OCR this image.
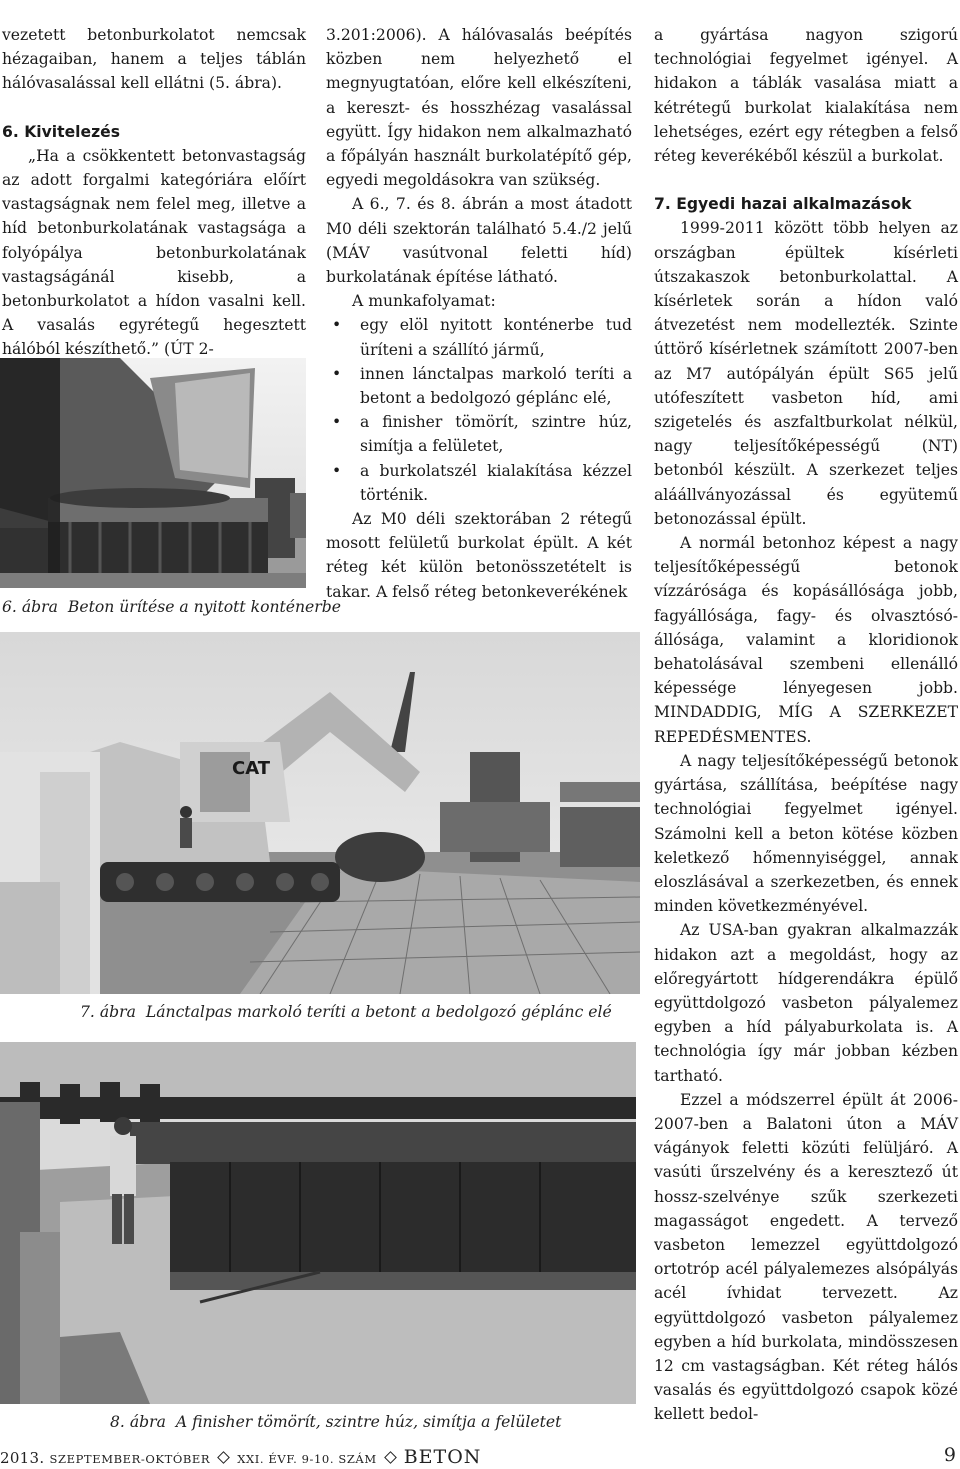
vezetett betonburkolatot nemcsak hézagaiban, hanem a teljes táblán hálóvasalással kell ellátni (5. ábra).

6. Kivitelezés

„Ha a csökkentett betonvastagság az adott forgalmi kategóriára előírt vastagságnak nem felel meg, illetve a híd betonburkolatának vastagsága a folyópálya betonburkolatának vastagságánál kisebb, a betonburkolatot a hídon vasalni kell. A vasalás egyrétegű hegesztett hálóból készíthető.” (ÚT 2-

6. ábra Beton ürítése a nyitott konténerbe

3.201:2006). A hálóvasalás beépítés közben nem helyezhető el megnyugtatóan, előre kell elkészíteni, a kereszt- és hosszhézag vasalással együtt. Így hidakon nem alkalmazható a főpályán használt burkolatépítő gép, egyedi megoldásokra van szükség.

A 6., 7. és 8. ábrán a most átadott M0 déli szektorán található 5.4./2 jelű (MÁV vasútvonal feletti híd) burkolatának építése látható.

A munkafolyamat:

• egy elöl nyitott konténerbe tud üríteni a szállító jármű,
• innen lánctalpas markoló teríti a betont a bedolgozó géplánc elé,
• a finisher tömörít, szintre húz, simítja a felületet,
• a burkolatszél kialakítása kézzel történik.

Az M0 déli szektorában 2 rétegű mosott felületű burkolat épült. A két réteg két külön betonösszetételt is takar. A felső réteg betonkeverékének

CAT
7. ábra Lánctalpas markoló teríti a betont a bedolgozó géplánc elé
8. ábra A finisher tömörít, szintre húz, simítja a felületet

a gyártása nagyon szigorú technológiai fegyelmet igényel. A hidakon a táblák vasalása miatt a kétrétegű burkolat kialakítása nem lehetséges, ezért egy rétegben a felső réteg keverékéből készül a burkolat.

7. Egyedi hazai alkalmazások

1999-2011 között több helyen az országban épültek kísérleti útszakaszok betonburkolattal. A kísérletek során a hídon való átvezetést nem modellezték. Szinte úttörő kísérletnek számított 2007-ben az M7 autópályán épült S65 jelű utófeszített vasbeton híd, ami szigetelés és aszfaltburkolat nélkül, nagy teljesítőképességű (NT) betonból készült. A szerkezet teljes aláállványozással és együtemű betonozással épült.

A normál betonhoz képest a nagy teljesítőképességű betonok vízzárósága és kopásállósága jobb, fagyállósága, fagy- és olvasztósó-állósága, valamint a kloridionok behatolásával szembeni ellenálló képessége lényegesen jobb. MINDADDIG, MÍG A SZERKEZET REPEDÉSMENTES.

A nagy teljesítőképességű betonok gyártása, szállítása, beépítése nagy technológiai fegyelmet igényel. Számolni kell a beton kötése közben keletkező hőmennyiséggel, annak eloszlásával a szerkezetben, és ennek minden következményével.

Az USA-ban gyakran alkalmazzák hidakon azt a megoldást, hogy az előregyártott hídgerendákra épülő együttdolgozó vasbeton pályalemez egyben a híd pályaburkolata is. A technológia így már jobban kézben tartható.

Ezzel a módszerrel épült át 2006-2007-ben a Balatoni úton a MÁV vágányok feletti közúti felüljáró. A vasúti űrszelvény és a keresztező út hossz-szelvénye szűk szerkezeti magasságot engedett. A tervező vasbeton lemezzel együttdolgozó ortotróp acél pályalemezes alsópályás acél ívhidat tervezett. Az együttdolgozó vasbeton pályalemez egyben a híd burkolata, mindösszesen 12 cm vastagságban. Két réteg hálós vasalás és együttdolgozó csapok közé kellett bedol-

2013. SZEPTEMBER-OKTÓBER XXI. ÉVF. 9-10. SZÁM BETON	9
